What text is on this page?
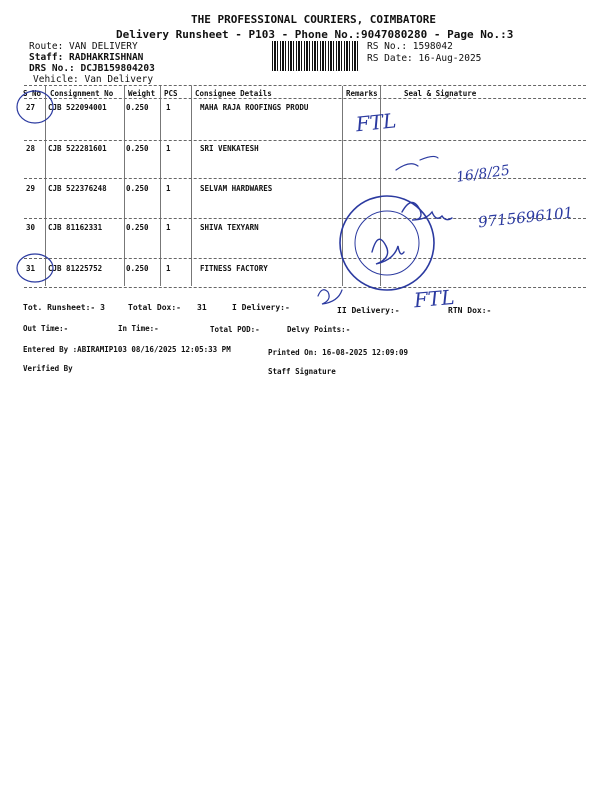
THE PROFESSIONAL COURIERS, COIMBATORE
Delivery Runsheet - P103 - Phone No.:9047080280 - Page No.:3
Route: VAN DELIVERY
Staff: RADHAKRISHNAN
DRS No.: DCJB159804203
Vehicle: Van Delivery
RS No.: 1598042
RS Date: 16-Aug-2025
S No Consignment No Weight PCS Consignee Details	Remarks	Seal & Signature
27 CJB 522094001	0.250 1	MAHA RAJA ROOFINGS PRODU
28 CJB 522281601	0.250 1	SRI VENKATESH
29 CJB 522376248	0.250 1	SELVAM HARDWARES
30 CJB 81162331	0.250 1	SHIVA TEXYARN
31 CJB 81225752	0.250 1	FITNESS FACTORY
Tot. Runsheet:- 3	Total Dox:- 31	I Delivery:-	II Delivery:-	RTN Dox:-
Out Time:-	In Time:-	Total POD:-	Delvy Points:-
Entered By :ABIRAMIP103 08/16/2025 12:05:33 PM	Printed On: 16-08-2025 12:09:09
Verified By	Staff Signature
FTL
16/8/25
9715696101
FTL
